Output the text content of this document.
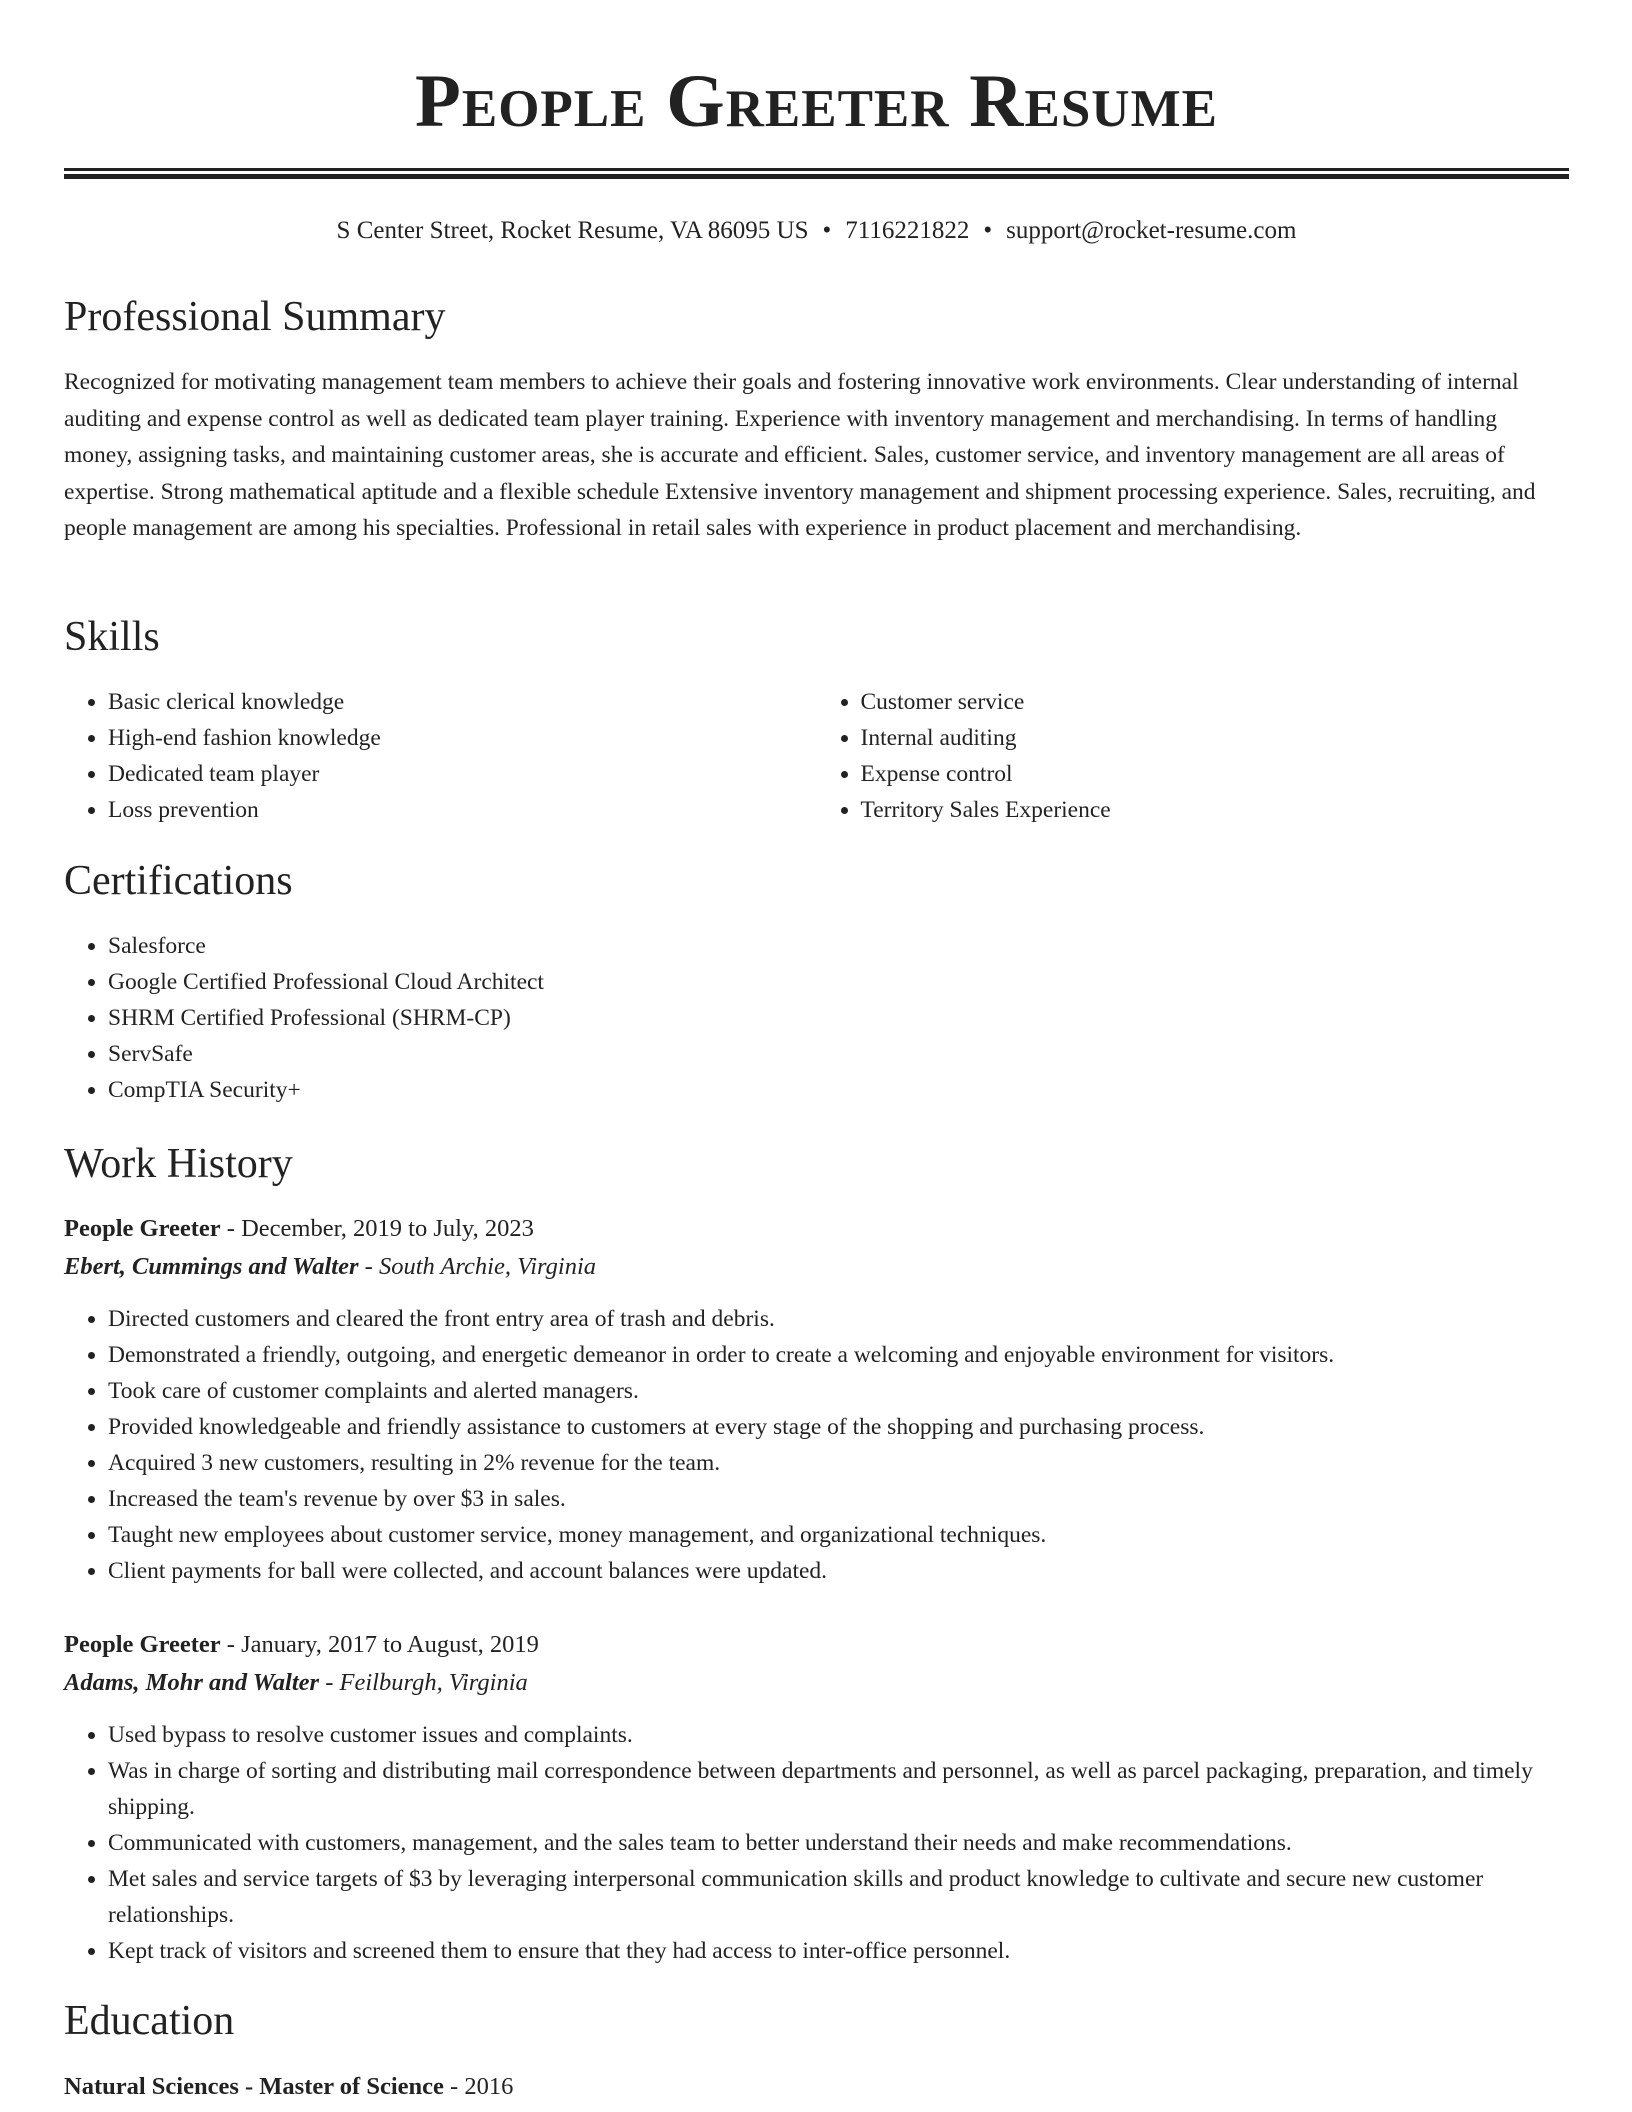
People Greeter Resume
S Center Street, Rocket Resume, VA 86095 US • 7116221822 • support@rocket-resume.com
Professional Summary

Recognized for motivating management team members to achieve their goals and fostering innovative work environments. Clear understanding of internal auditing and expense control as well as dedicated team player training. Experience with inventory management and merchandising. In terms of handling money, assigning tasks, and maintaining customer areas, she is accurate and efficient. Sales, customer service, and inventory management are all areas of expertise. Strong mathematical aptitude and a flexible schedule Extensive inventory management and shipment processing experience. Sales, recruiting, and people management are among his specialties. Professional in retail sales with experience in product placement and merchandising.

Skills
• Basic clerical knowledge
• High-end fashion knowledge
• Dedicated team player
• Loss prevention
• Customer service
• Internal auditing
• Expense control
• Territory Sales Experience
Certifications
• Salesforce
• Google Certified Professional Cloud Architect
• SHRM Certified Professional (SHRM-CP)
• ServSafe
• CompTIA Security+
Work History
People Greeter - December, 2019 to July, 2023
Ebert, Cummings and Walter - South Archie, Virginia
• Directed customers and cleared the front entry area of trash and debris.
• Demonstrated a friendly, outgoing, and energetic demeanor in order to create a welcoming and enjoyable environment for visitors.
• Took care of customer complaints and alerted managers.
• Provided knowledgeable and friendly assistance to customers at every stage of the shopping and purchasing process.
• Acquired 3 new customers, resulting in 2% revenue for the team.
• Increased the team's revenue by over $3 in sales.
• Taught new employees about customer service, money management, and organizational techniques.
• Client payments for ball were collected, and account balances were updated.
People Greeter - January, 2017 to August, 2019
Adams, Mohr and Walter - Feilburgh, Virginia
• Used bypass to resolve customer issues and complaints.
• Was in charge of sorting and distributing mail correspondence between departments and personnel, as well as parcel packaging, preparation, and timely shipping.
• Communicated with customers, management, and the sales team to better understand their needs and make recommendations.
• Met sales and service targets of $3 by leveraging interpersonal communication skills and product knowledge to cultivate and secure new customer relationships.
• Kept track of visitors and screened them to ensure that they had access to inter-office personnel.
Education
Natural Sciences - Master of Science - 2016
